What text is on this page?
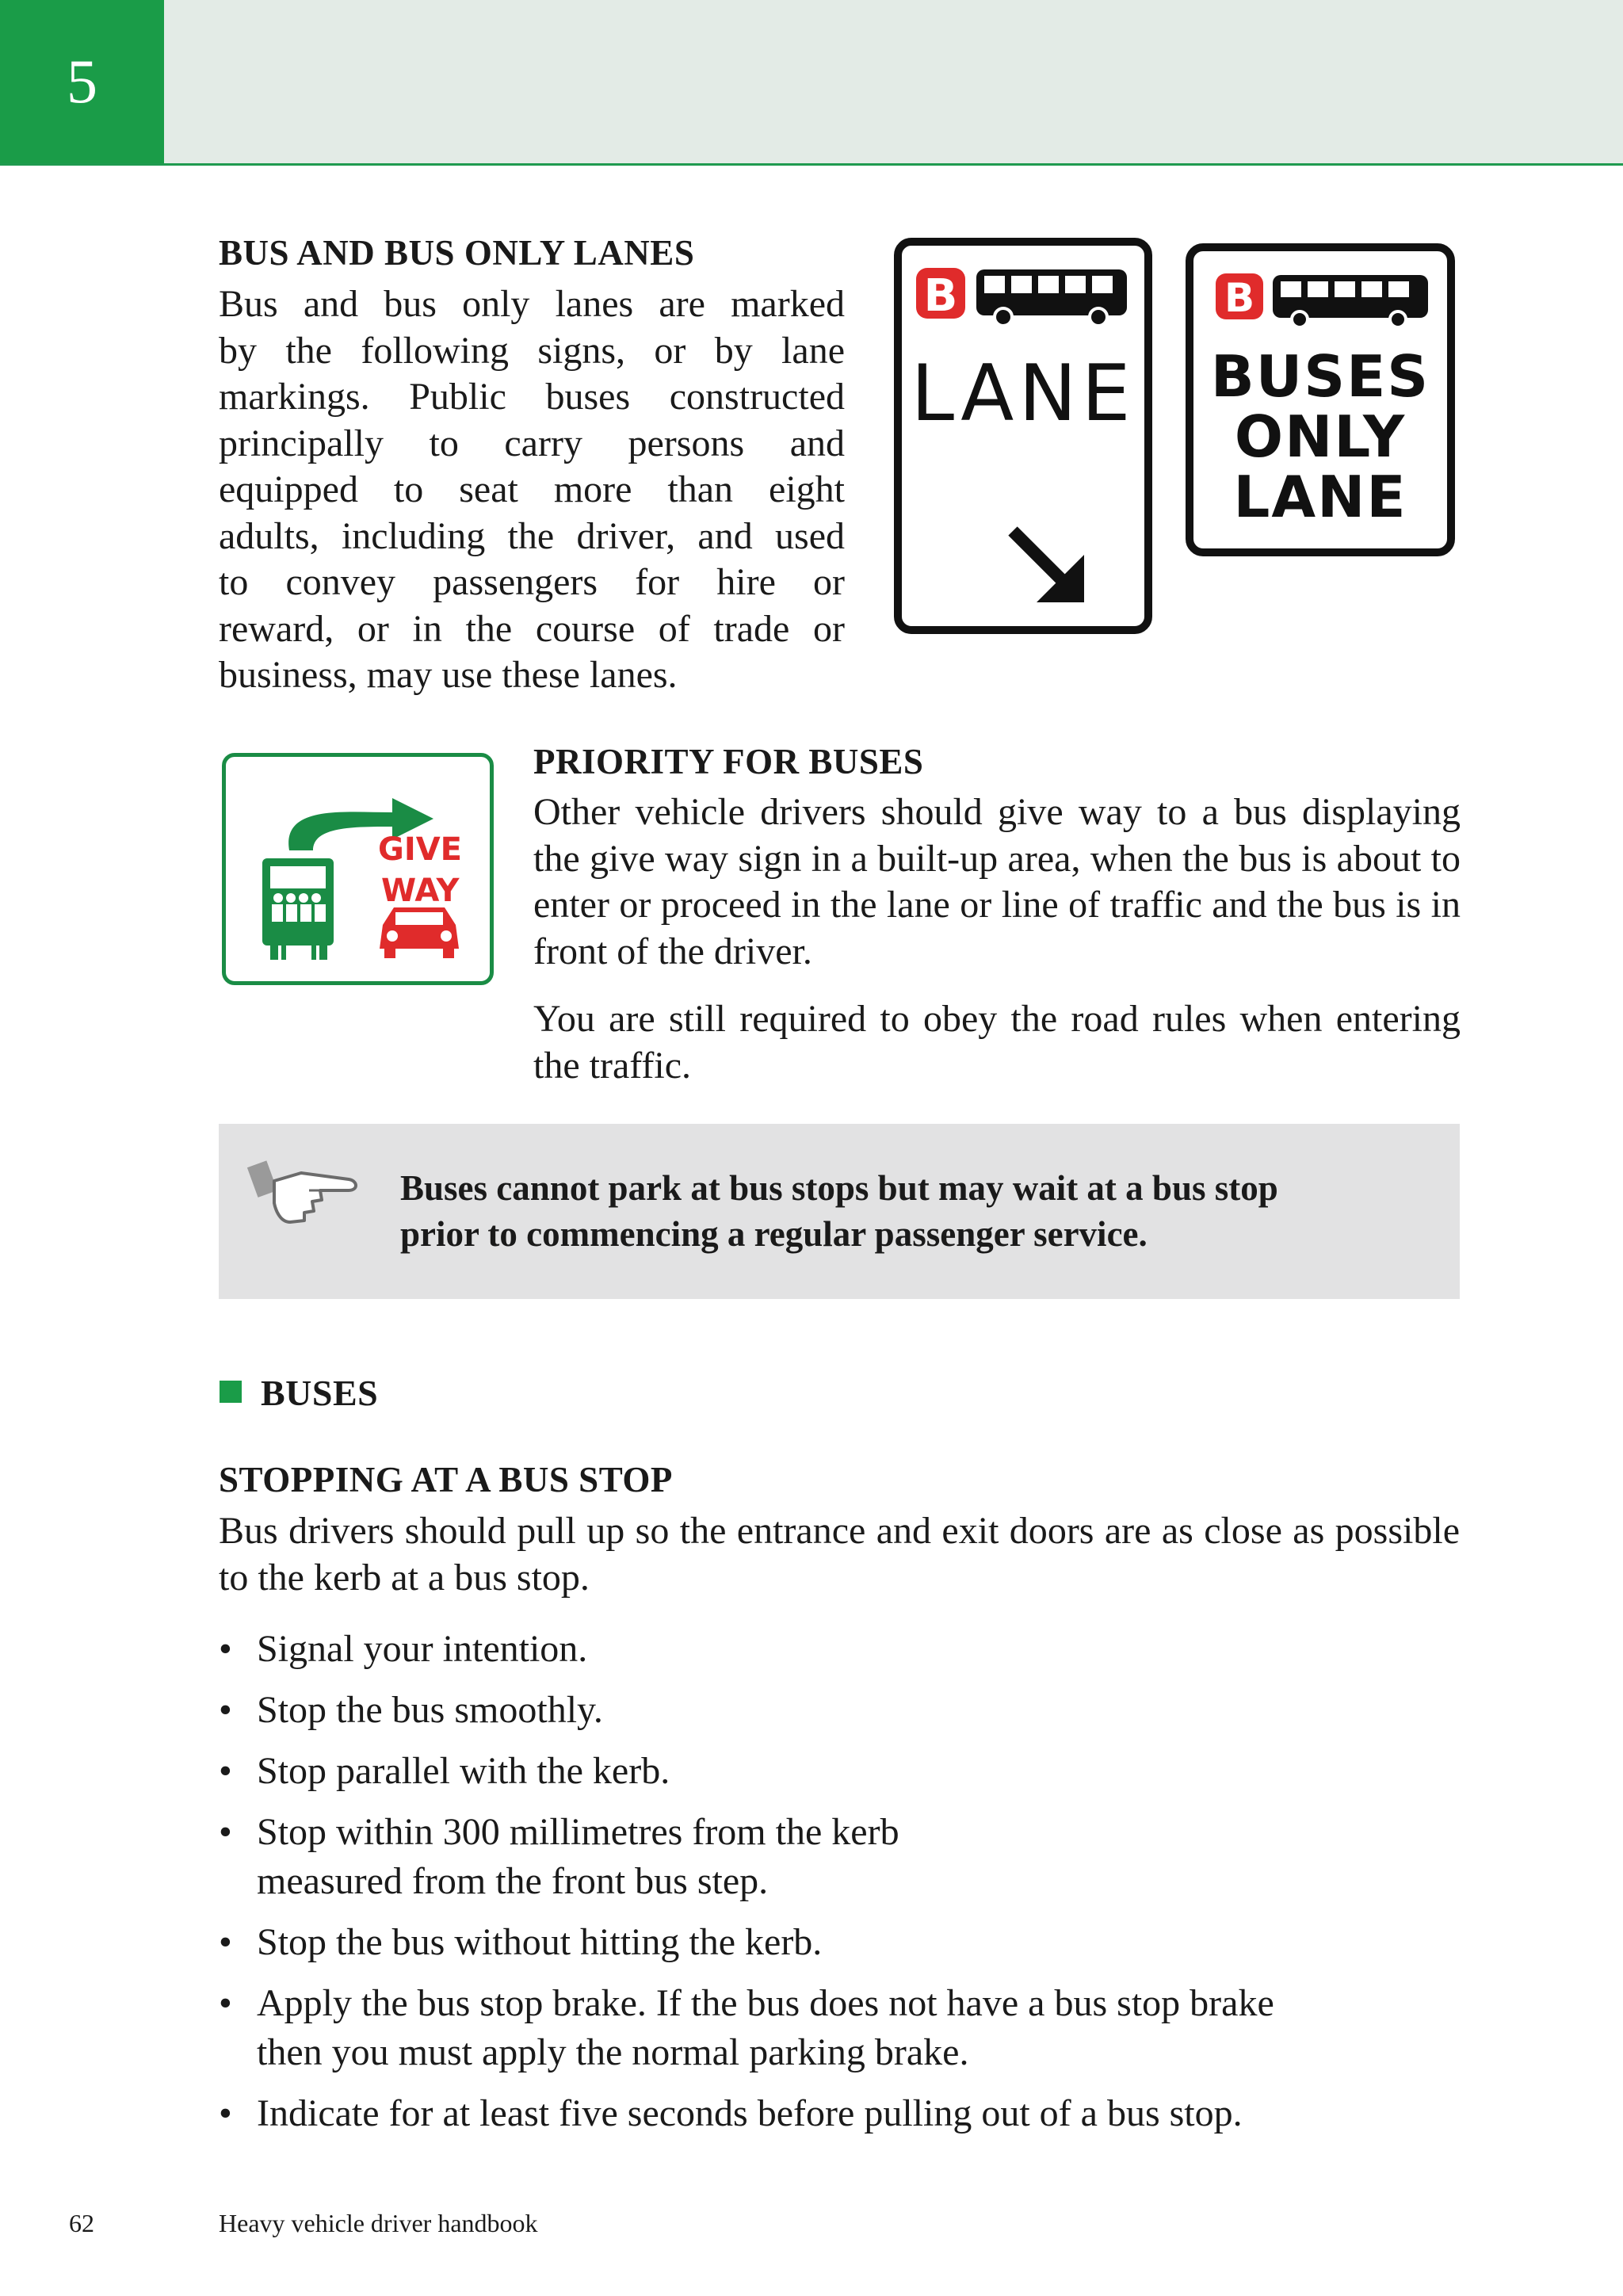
5
BUS AND BUS ONLY LANES
Bus and bus only lanes are marked
by the following signs, or by lane
markings. Public buses constructed
principally to carry persons and
equipped to seat more than eight
adults, including the driver, and used
to convey passengers for hire or
reward, or in the course of trade or
business, may use these lanes.
B
LANE
B
BUSES
ONLY
LANE
GIVE
WAY
PRIORITY FOR BUSES
Other vehicle drivers should give way to a bus displaying the give way sign in a built-up area, when the bus is about to enter or proceed in the lane or line of traffic and the bus is in front of the driver.
You are still required to obey the road rules when entering the traffic.
Buses cannot park at bus stops but may wait at a bus stop
prior to commencing a regular passenger service.
BUSES
STOPPING AT A BUS STOP
Bus drivers should pull up so the entrance and exit doors are as close as possible to the kerb at a bus stop.
• Signal your intention.
• Stop the bus smoothly.
• Stop parallel with the kerb.
• Stop within 300 millimetres from the kerb
measured from the front bus step.
• Stop the bus without hitting the kerb.
• Apply the bus stop brake. If the bus does not have a bus stop brake
then you must apply the normal parking brake.
• Indicate for at least five seconds before pulling out of a bus stop.
62	Heavy vehicle driver handbook
